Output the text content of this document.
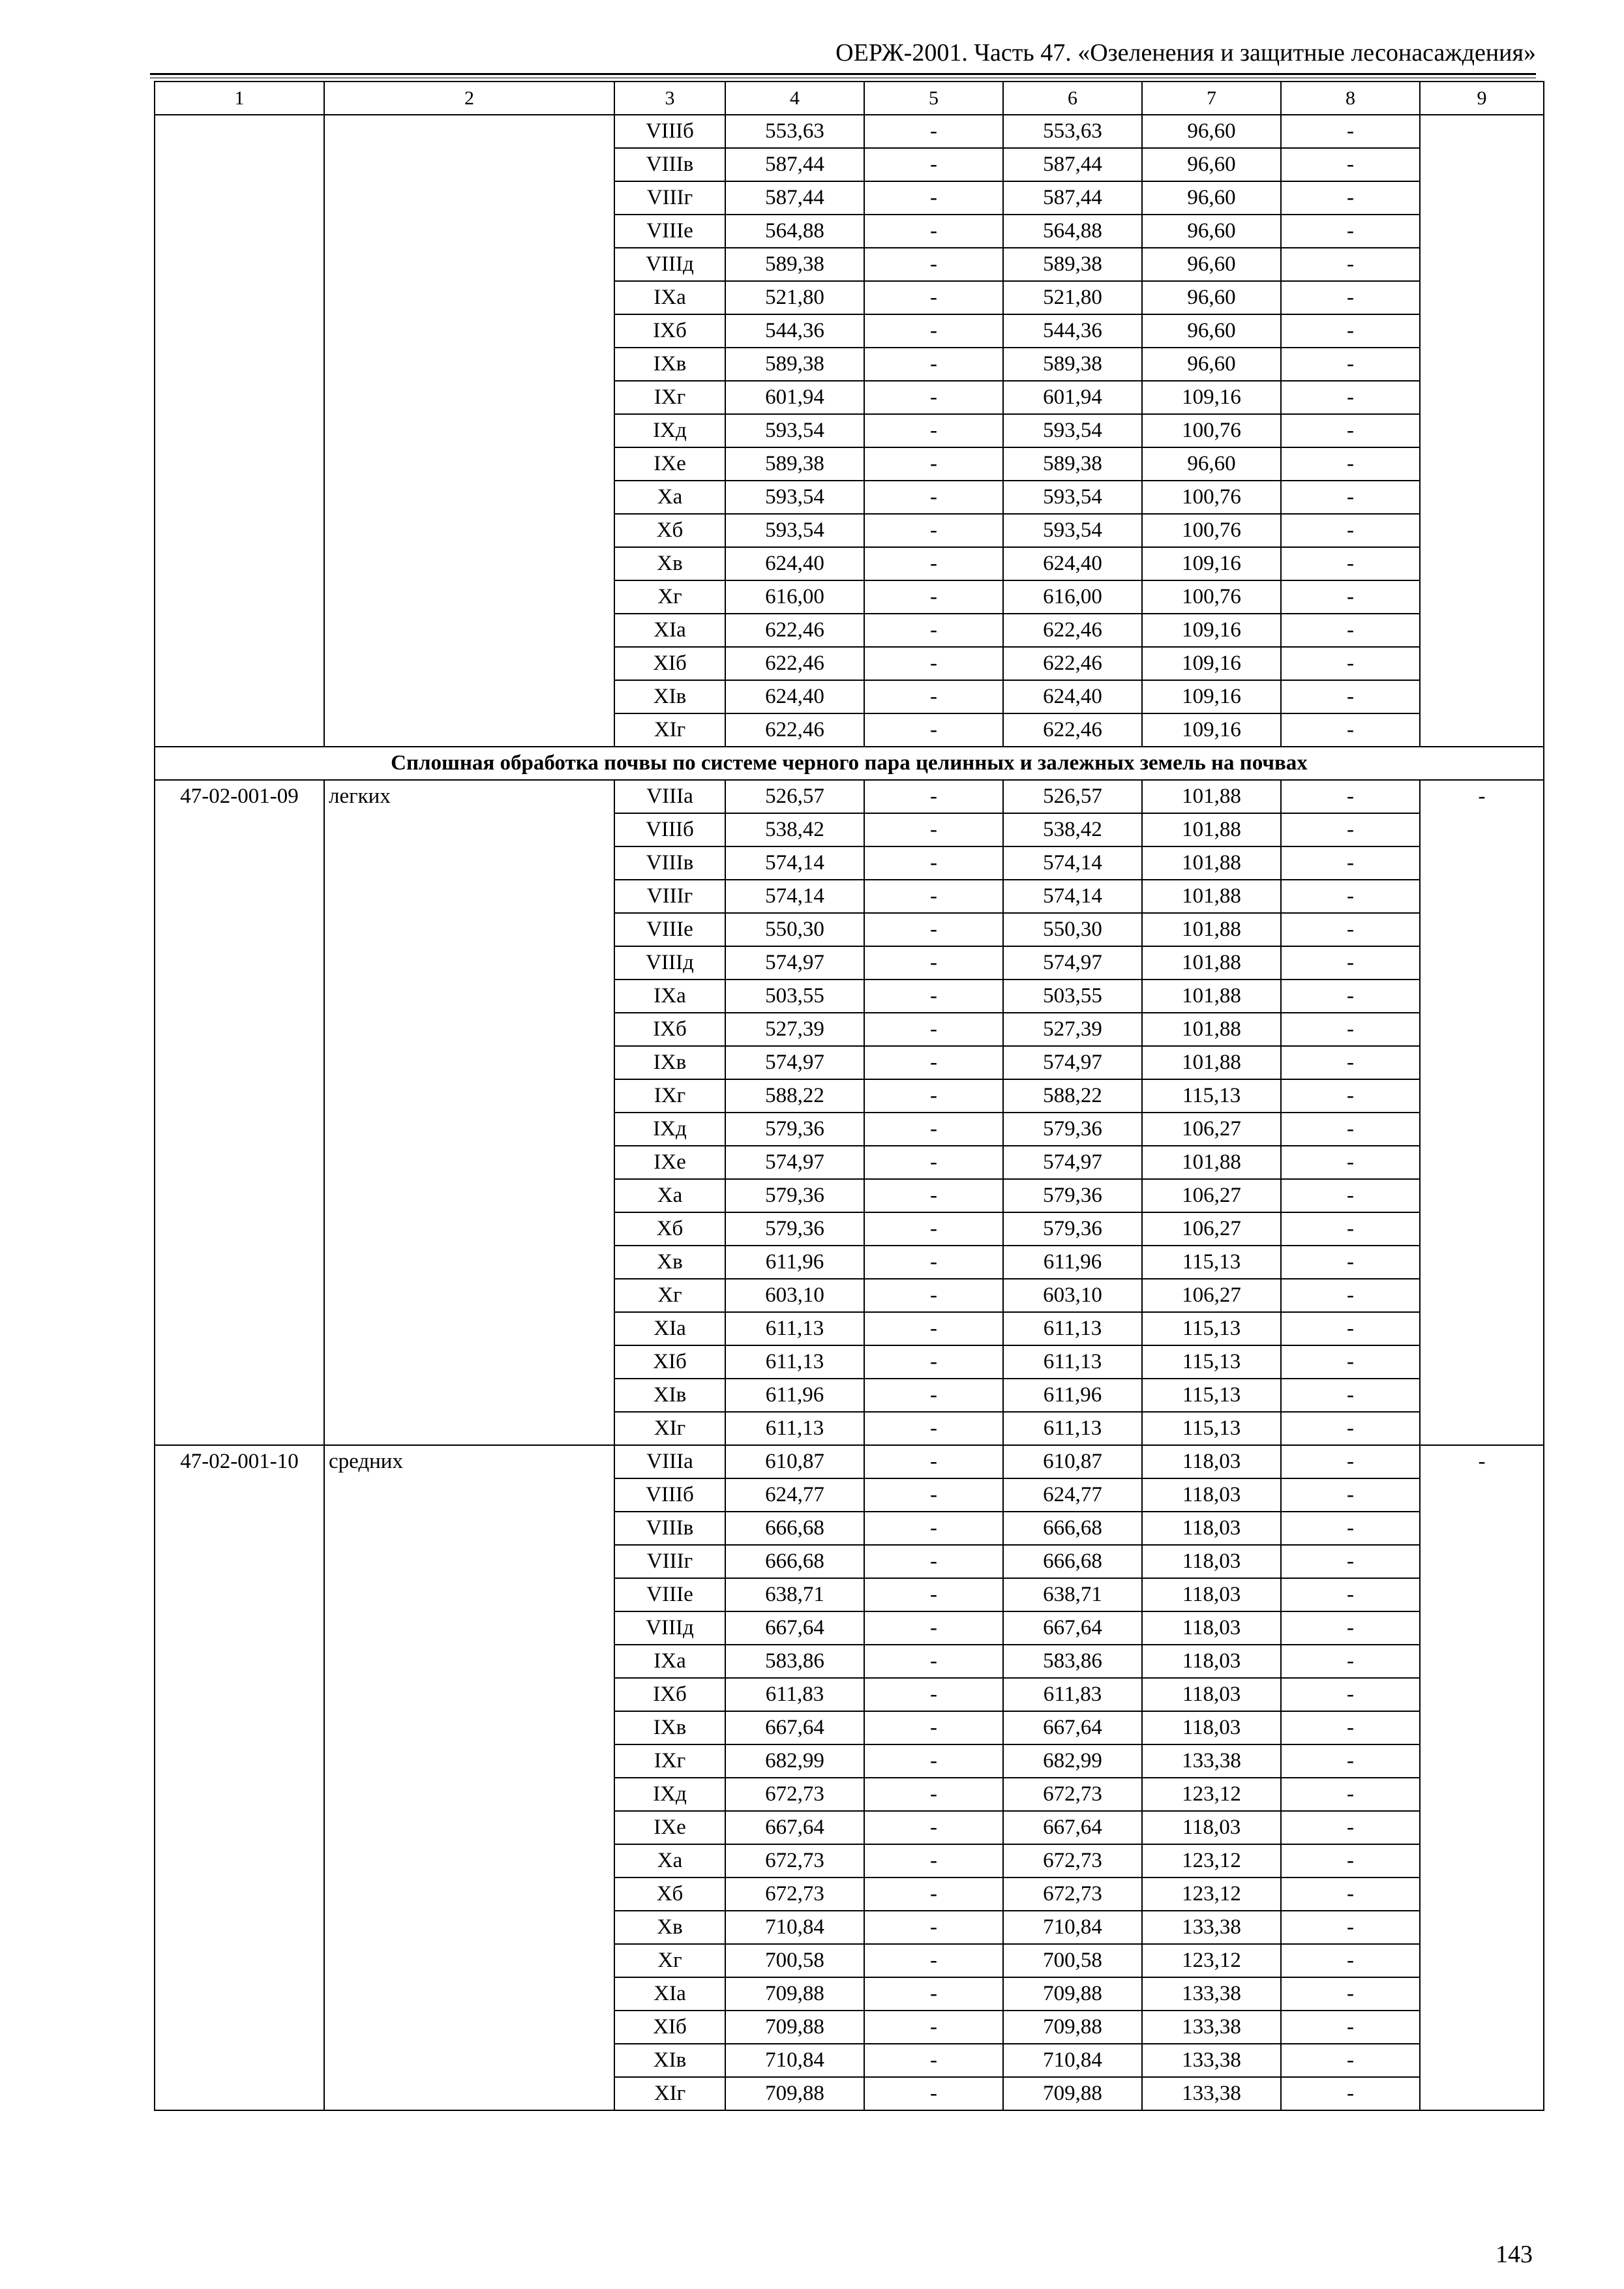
ОЕРЖ-2001. Часть 47. «Озеленения и защитные лесонасаждения»
1	2	3	4	5	6	7	8	9
		VIIIб	553,63	-	553,63	96,60	-	
		VIIIв	587,44	-	587,44	96,60	-	
		VIIIг	587,44	-	587,44	96,60	-	
		VIIIе	564,88	-	564,88	96,60	-	
		VIIIд	589,38	-	589,38	96,60	-	
		IXа	521,80	-	521,80	96,60	-	
		IXб	544,36	-	544,36	96,60	-	
		IXв	589,38	-	589,38	96,60	-	
		IXг	601,94	-	601,94	109,16	-	
		IXд	593,54	-	593,54	100,76	-	
		IXе	589,38	-	589,38	96,60	-	
		Xа	593,54	-	593,54	100,76	-	
		Xб	593,54	-	593,54	100,76	-	
		Xв	624,40	-	624,40	109,16	-	
		Xг	616,00	-	616,00	100,76	-	
		XIа	622,46	-	622,46	109,16	-	
		XIб	622,46	-	622,46	109,16	-	
		XIв	624,40	-	624,40	109,16	-	
		XIг	622,46	-	622,46	109,16	-	
Сплошная обработка почвы по системе черного пара целинных и залежных земель на почвах								
47-02-001-09	легких	VIIIа	526,57	-	526,57	101,88	-	-
		VIIIб	538,42	-	538,42	101,88	-	
		VIIIв	574,14	-	574,14	101,88	-	
		VIIIг	574,14	-	574,14	101,88	-	
		VIIIе	550,30	-	550,30	101,88	-	
		VIIIд	574,97	-	574,97	101,88	-	
		IXа	503,55	-	503,55	101,88	-	
		IXб	527,39	-	527,39	101,88	-	
		IXв	574,97	-	574,97	101,88	-	
		IXг	588,22	-	588,22	115,13	-	
		IXд	579,36	-	579,36	106,27	-	
		IXе	574,97	-	574,97	101,88	-	
		Xа	579,36	-	579,36	106,27	-	
		Xб	579,36	-	579,36	106,27	-	
		Xв	611,96	-	611,96	115,13	-	
		Xг	603,10	-	603,10	106,27	-	
		XIа	611,13	-	611,13	115,13	-	
		XIб	611,13	-	611,13	115,13	-	
		XIв	611,96	-	611,96	115,13	-	
		XIг	611,13	-	611,13	115,13	-	
47-02-001-10	средних	VIIIа	610,87	-	610,87	118,03	-	-
		VIIIб	624,77	-	624,77	118,03	-	
		VIIIв	666,68	-	666,68	118,03	-	
		VIIIг	666,68	-	666,68	118,03	-	
		VIIIе	638,71	-	638,71	118,03	-	
		VIIIд	667,64	-	667,64	118,03	-	
		IXа	583,86	-	583,86	118,03	-	
		IXб	611,83	-	611,83	118,03	-	
		IXв	667,64	-	667,64	118,03	-	
		IXг	682,99	-	682,99	133,38	-	
		IXд	672,73	-	672,73	123,12	-	
		IXе	667,64	-	667,64	118,03	-	
		Xа	672,73	-	672,73	123,12	-	
		Xб	672,73	-	672,73	123,12	-	
		Xв	710,84	-	710,84	133,38	-	
		Xг	700,58	-	700,58	123,12	-	
		XIа	709,88	-	709,88	133,38	-	
		XIб	709,88	-	709,88	133,38	-	
		XIв	710,84	-	710,84	133,38	-	
		XIг	709,88	-	709,88	133,38	-	
143
